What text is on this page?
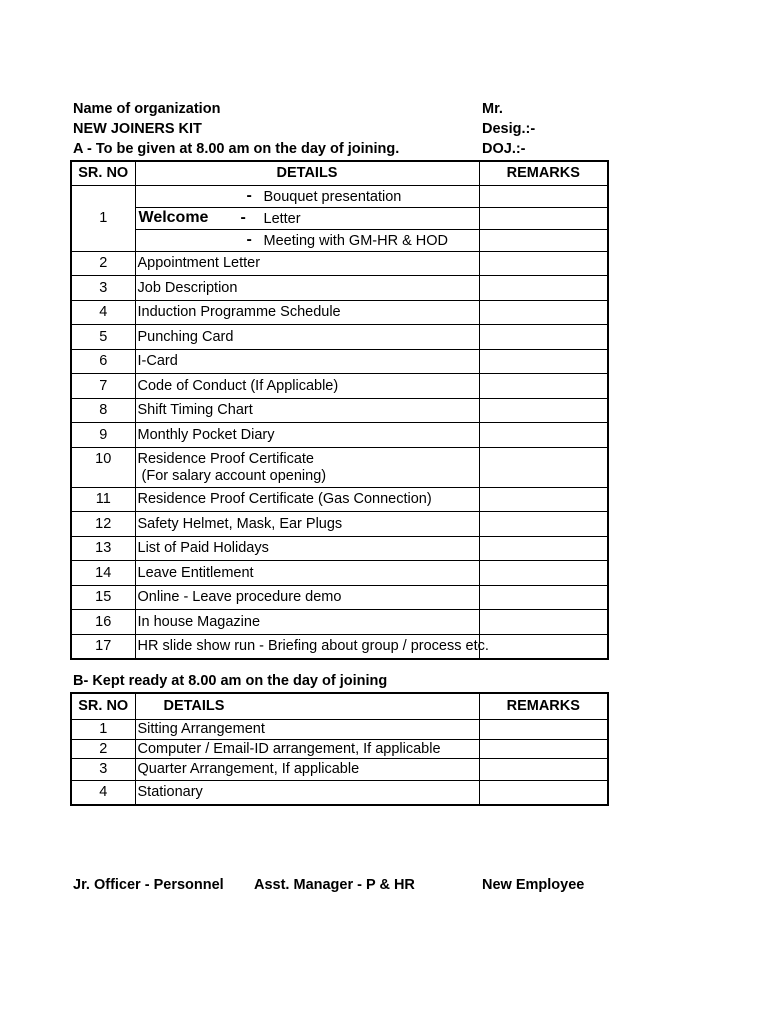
Name of organization
NEW JOINERS KIT
A - To be given at 8.00 am on the day of joining.
Mr.
Desig.:-
DOJ.:-
SR. NO	DETAILS	REMARKS
1	- Bouquet presentation	

	Welcome - Letter	

	- Meeting with GM-HR & HOD	

2	Appointment Letter	
3	Job Description	
4	Induction Programme Schedule	
5	Punching Card	
6	I-Card	
7	Code of Conduct (If Applicable)	
8	Shift Timing Chart	
9	Monthly Pocket Diary	
10	Residence Proof Certificate
(For salary account opening)	

11	Residence Proof Certificate (Gas Connection)	
12	Safety Helmet, Mask, Ear Plugs	
13	List of Paid Holidays	
14	Leave Entitlement	
15	Online - Leave procedure demo	
16	In house Magazine	
17	HR slide show run - Briefing about group / process etc.	
B- Kept ready at 8.00 am on the day of joining
SR. NO	DETAILS	REMARKS
1	Sitting Arrangement	
2	Computer / Email-ID arrangement, If applicable	
3	Quarter Arrangement, If applicable	
4	Stationary	
Jr. Officer - Personnel Asst. Manager - P & HR	New Employee
